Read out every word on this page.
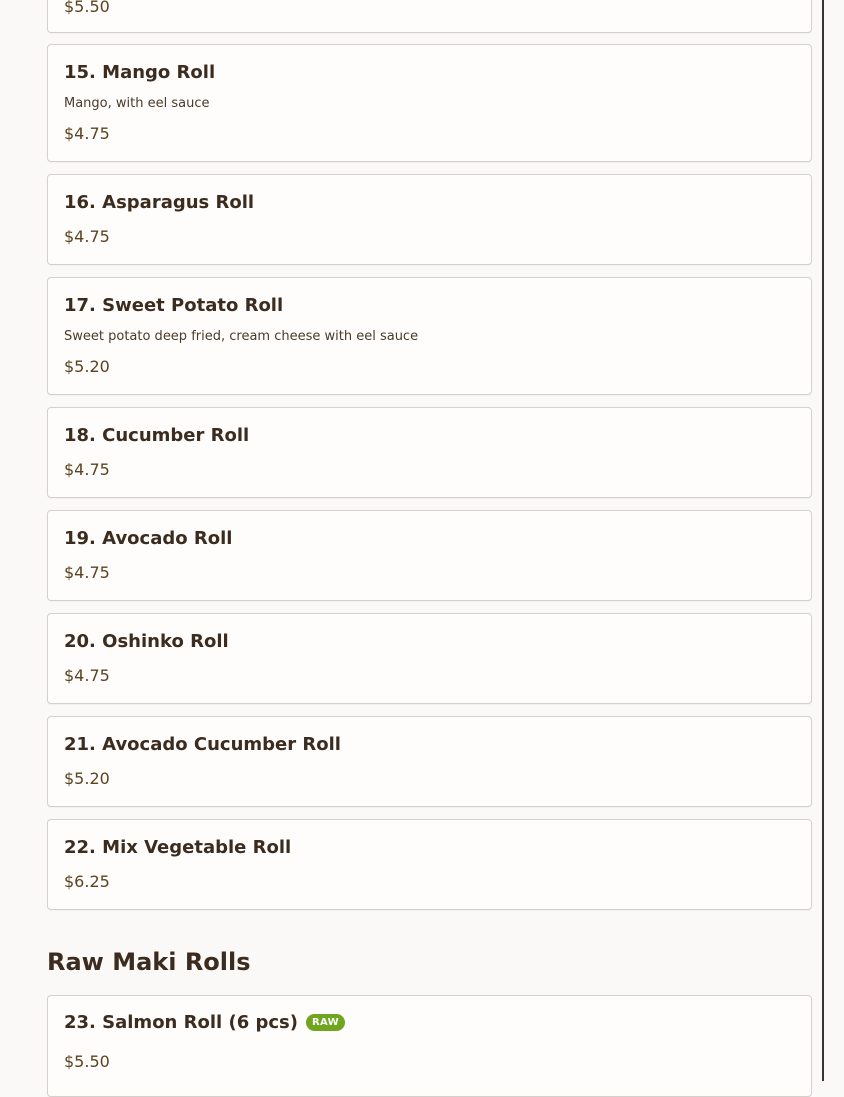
$5.50
15. Mango Roll
Mango, with eel sauce
$4.75
16. Asparagus Roll
$4.75
17. Sweet Potato Roll
Sweet potato deep fried, cream cheese with eel sauce
$5.20
18. Cucumber Roll
$4.75
19. Avocado Roll
$4.75
20. Oshinko Roll
$4.75
21. Avocado Cucumber Roll
$5.20
22. Mix Vegetable Roll
$6.25
Raw Maki Rolls
23. Salmon Roll (6 pcs) RAW
$5.50
